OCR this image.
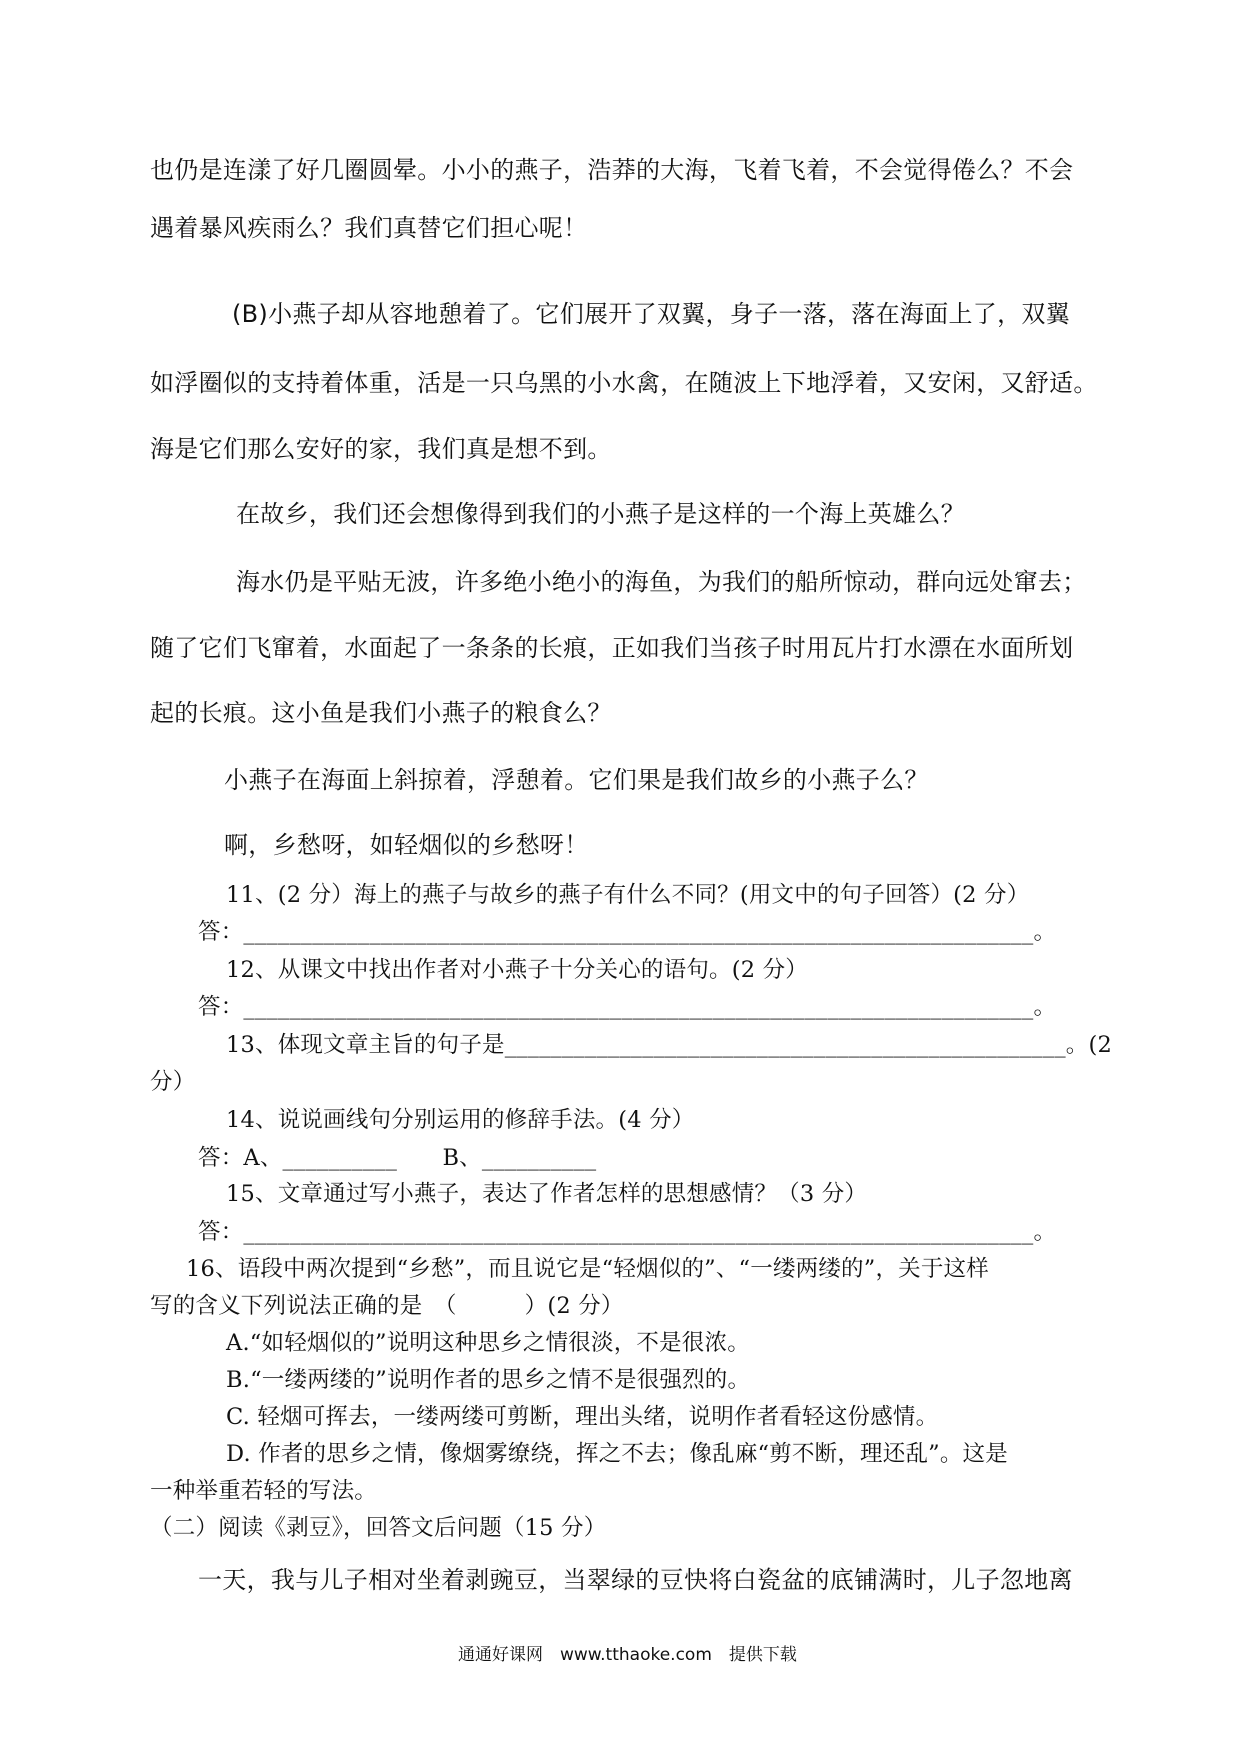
也仍是连漾了好几圈圆晕。小小的燕子，浩莽的大海，飞着飞着，不会觉得倦么？不会

遇着暴风疾雨么？我们真替它们担心呢！

(B)小燕子却从容地憩着了。它们展开了双翼，身子一落，落在海面上了，双翼

如浮圈似的支持着体重，活是一只乌黑的小水禽，在随波上下地浮着，又安闲，又舒适。

海是它们那么安好的家，我们真是想不到。

在故乡，我们还会想像得到我们的小燕子是这样的一个海上英雄么？

海水仍是平贴无波，许多绝小绝小的海鱼，为我们的船所惊动，群向远处窜去；

随了它们飞窜着，水面起了一条条的长痕，正如我们当孩子时用瓦片打水漂在水面所划

起的长痕。这小鱼是我们小燕子的粮食么？

小燕子在海面上斜掠着，浮憩着。它们果是我们故乡的小燕子么？

啊，乡愁呀，如轻烟似的乡愁呀！

11、(2 分）海上的燕子与故乡的燕子有什么不同？(用文中的句子回答）(2 分）

答：_____________________________________________________________________。

12、从课文中找出作者对小燕子十分关心的语句。(2 分）

答：_____________________________________________________________________。

13、体现文章主旨的句子是_________________________________________________。(2

分）

14、说说画线句分别运用的修辞手法。(4 分）

答：A、__________　　B、__________

15、文章通过写小燕子，表达了作者怎样的思想感情？（3 分）

答：_____________________________________________________________________。

16、语段中两次提到“乡愁”，而且说它是“轻烟似的”、“一缕两缕的”，关于这样

写的含义下列说法正确的是　（　　　）(2 分）

A.“如轻烟似的”说明这种思乡之情很淡，不是很浓。

B.“一缕两缕的”说明作者的思乡之情不是很强烈的。

C. 轻烟可挥去，一缕两缕可剪断，理出头绪，说明作者看轻这份感情。

D. 作者的思乡之情，像烟雾缭绕，挥之不去；像乱麻“剪不断，理还乱”。这是

一种举重若轻的写法。

（二）阅读《剥豆》，回答文后问题（15 分）

一天，我与儿子相对坐着剥豌豆，当翠绿的豆快将白瓷盆的底铺满时，儿子忽地离

通通好课网　www.tthaoke.com　提供下载
